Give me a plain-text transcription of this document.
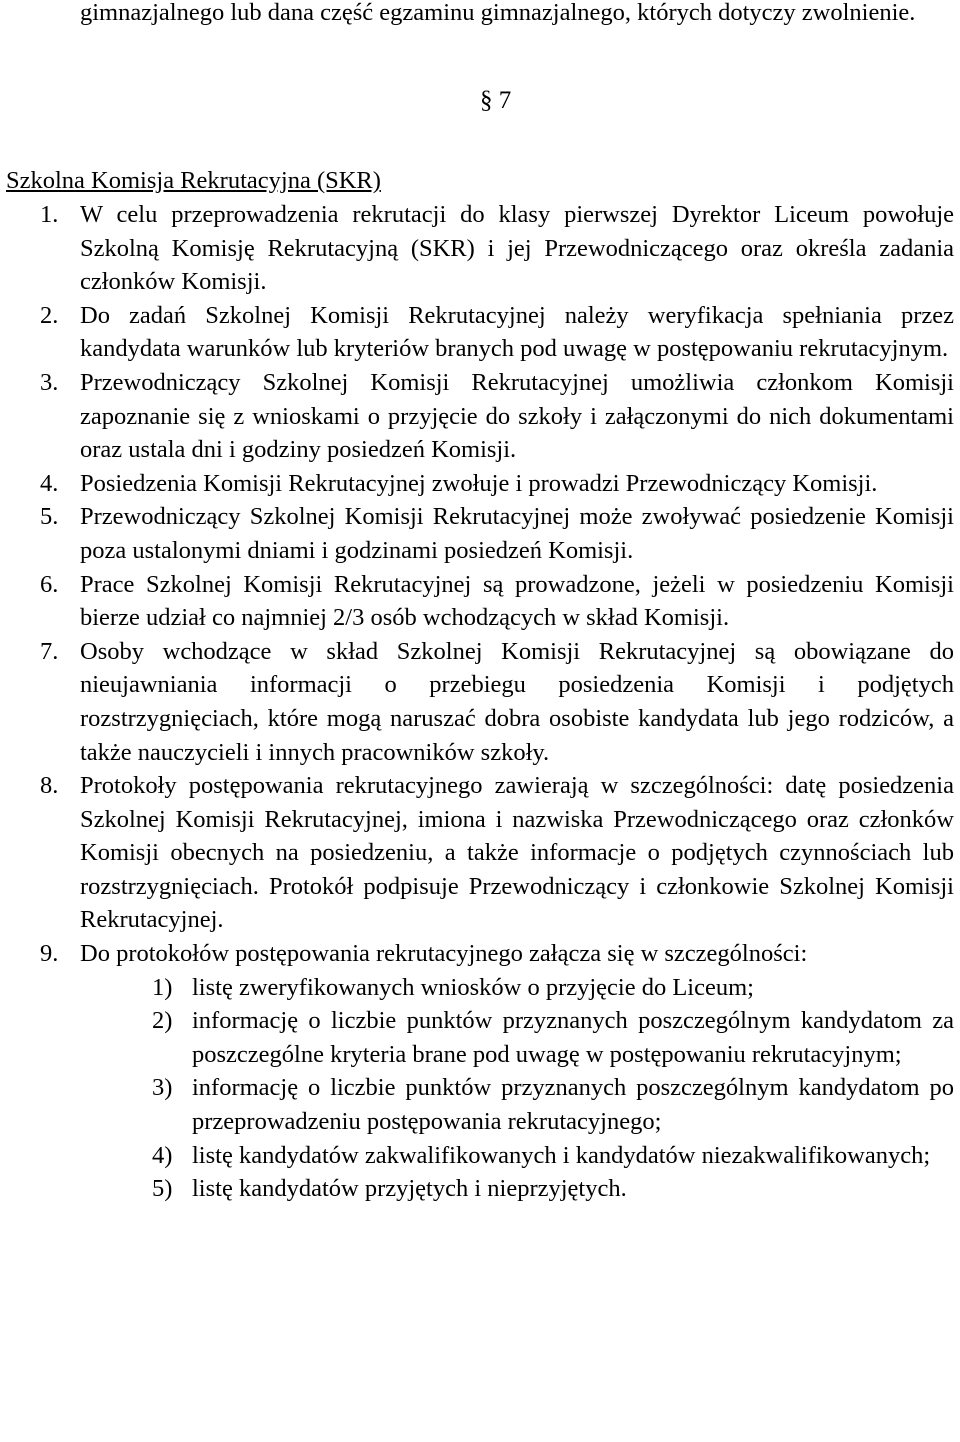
gimnazjalnego lub dana część egzaminu gimnazjalnego, których dotyczy zwolnienie.
§ 7
Szkolna Komisja Rekrutacyjna (SKR)
1. W celu przeprowadzenia rekrutacji do klasy pierwszej Dyrektor Liceum powołuje Szkolną Komisję Rekrutacyjną (SKR) i jej Przewodniczącego oraz określa zadania członków Komisji.
2. Do zadań Szkolnej Komisji Rekrutacyjnej należy weryfikacja spełniania przez kandydata warunków lub kryteriów branych pod uwagę w postępowaniu rekrutacyjnym.
3. Przewodniczący Szkolnej Komisji Rekrutacyjnej umożliwia członkom Komisji zapoznanie się z wnioskami o przyjęcie do szkoły i załączonymi do nich dokumentami oraz ustala dni i godziny posiedzeń Komisji.
4. Posiedzenia Komisji Rekrutacyjnej zwołuje i prowadzi Przewodniczący Komisji.
5. Przewodniczący Szkolnej Komisji Rekrutacyjnej może zwoływać posiedzenie Komisji poza ustalonymi dniami i godzinami posiedzeń Komisji.
6. Prace Szkolnej Komisji Rekrutacyjnej są prowadzone, jeżeli w posiedzeniu Komisji bierze udział co najmniej 2/3 osób wchodzących w skład Komisji.
7. Osoby wchodzące w skład Szkolnej Komisji Rekrutacyjnej są obowiązane do nieujawniania informacji o przebiegu posiedzenia Komisji i podjętych rozstrzygnięciach, które mogą naruszać dobra osobiste kandydata lub jego rodziców, a także nauczycieli i innych pracowników szkoły.
8. Protokoły postępowania rekrutacyjnego zawierają w szczególności: datę posiedzenia Szkolnej Komisji Rekrutacyjnej, imiona i nazwiska Przewodniczącego oraz członków Komisji obecnych na posiedzeniu, a także informacje o podjętych czynnościach lub rozstrzygnięciach. Protokół podpisuje Przewodniczący i członkowie Szkolnej Komisji Rekrutacyjnej.
9. Do protokołów postępowania rekrutacyjnego załącza się w szczególności:
1) listę zweryfikowanych wniosków o przyjęcie do Liceum;
2) informację o liczbie punktów przyznanych poszczególnym kandydatom za poszczególne kryteria brane pod uwagę w postępowaniu rekrutacyjnym;
3) informację o liczbie punktów przyznanych poszczególnym kandydatom po przeprowadzeniu postępowania rekrutacyjnego;
4) listę kandydatów zakwalifikowanych i kandydatów niezakwalifikowanych;
5) listę kandydatów przyjętych i nieprzyjętych.
